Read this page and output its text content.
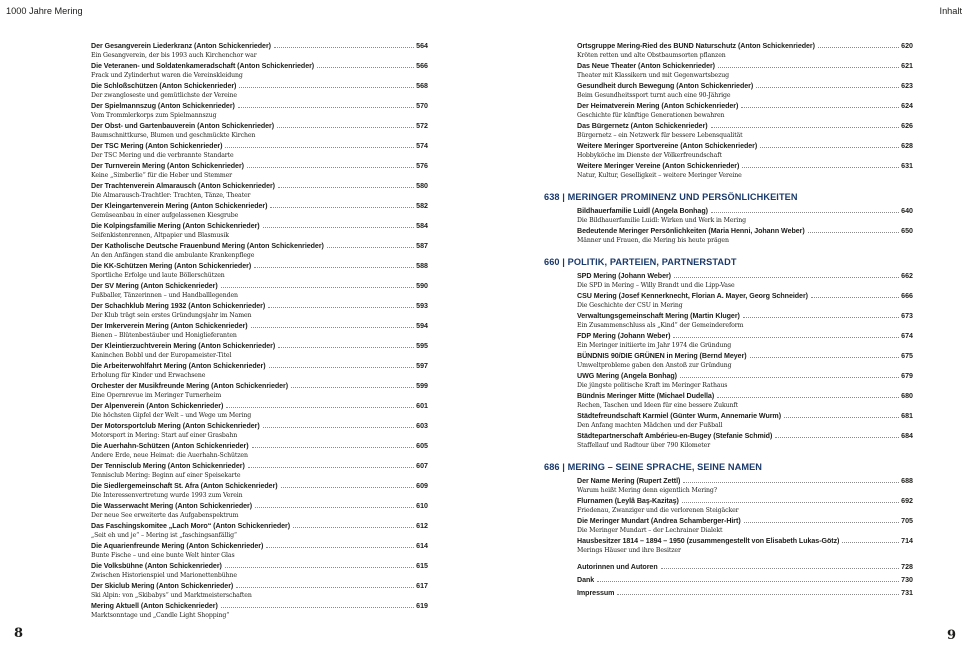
1000 Jahre Mering	Inhalt
Der Gesangverein Liederkranz (Anton Schickenrieder)	564
Ein Gesangverein, der bis 1993 auch Kirchenchor war
Die Veteranen- und Soldatenkameradschaft (Anton Schickenrieder)	566
Frack und Zylinderhut waren die Vereinskleidung
Die Schloßschützen (Anton Schickenrieder)	568
Der zwangloseste und gemütlichste der Vereine
Der Spielmannszug (Anton Schickenrieder)	570
Vom Trommlerkorps zum Spielmannszug
Der Obst- und Gartenbauverein (Anton Schickenrieder)	572
Baumschnittkurse, Blumen und geschmückte Kirchen
Der TSC Mering (Anton Schickenrieder)	574
Der TSC Mering und die verbrannte Standarte
Der Turnverein Mering (Anton Schickenrieder)	576
Keine „Simberlie“ für die Heber und Stemmer
Der Trachtenverein Almarausch (Anton Schickenrieder)	580
Die Almarausch-Trachtler: Trachten, Tänze, Theater
Der Kleingartenverein Mering (Anton Schickenrieder)	582
Gemüseanbau in einer aufgelassenen Kiesgrube
Die Kolpingsfamilie Mering (Anton Schickenrieder)	584
Seifenkistenrennen, Altpapier und Blasmusik
Der Katholische Deutsche Frauenbund Mering (Anton Schickenrieder)	587
An den Anfängen stand die ambulante Krankenpflege
Die KK-Schützen Mering (Anton Schickenrieder)	588
Sportliche Erfolge und laute Böllerschützen
Der SV Mering (Anton Schickenrieder)	590
Fußballer, Tänzerinnen – und Handballlegenden
Der Schachklub Mering 1932 (Anton Schickenrieder)	593
Der Klub trägt sein erstes Gründungsjahr im Namen
Der Imkerverein Mering (Anton Schickenrieder)	594
Bienen – Blütenbestäuber und Honiglieferanten
Der Kleintierzuchtverein Mering (Anton Schickenrieder)	595
Kaninchen Bobbl und der Europameister-Titel
Die Arbeiterwohlfahrt Mering (Anton Schickenrieder)	597
Erholung für Kinder und Erwachsene
Orchester der Musikfreunde Mering (Anton Schickenrieder)	599
Eine Opernrevue im Meringer Turnerheim
Der Alpenverein (Anton Schickenrieder)	601
Die höchsten Gipfel der Welt – und Wege um Mering
Der Motorsportclub Mering (Anton Schickenrieder)	603
Motorsport in Mering: Start auf einer Grasbahn
Die Auerhahn-Schützen (Anton Schickenrieder)	605
Andere Erde, neue Heimat: die Auerhahn-Schützen
Der Tennisclub Mering (Anton Schickenrieder)	607
Tennisclub Mering: Beginn auf einer Speisekarte
Die Siedlergemeinschaft St. Afra (Anton Schickenrieder)	609
Die Interessenvertretung wurde 1993 zum Verein
Die Wasserwacht Mering (Anton Schickenrieder)	610
Der neue See erweiterte das Aufgabenspektrum
Das Faschingskomitee „Lach Moro“ (Anton Schickenrieder)	612
„Seit eh und je“ – Mering ist „faschingsanfällig“
Die Aquarienfreunde Mering (Anton Schickenrieder)	614
Bunte Fische – und eine bunte Welt hinter Glas
Die Volksbühne (Anton Schickenrieder)	615
Zwischen Historienspiel und Marionettenbühne
Der Skiclub Mering (Anton Schickenrieder)	617
Ski Alpin: von „Skibabys“ und Marktmeisterschaften
Mering Aktuell (Anton Schickenrieder)	619
Marktsonntage und „Candle Light Shopping“
Ortsgruppe Mering-Ried des BUND Naturschutz (Anton Schickenrieder)	620
Kröten retten und alte Obstbaumsorten pflanzen
Das Neue Theater (Anton Schickenrieder)	621
Theater mit Klassikern und mit Gegenwartsbezug
Gesundheit durch Bewegung (Anton Schickenrieder)	623
Beim Gesundheitssport turnt auch eine 90-Jährige
Der Heimatverein Mering (Anton Schickenrieder)	624
Geschichte für künftige Generationen bewahren
Das Bürgernetz (Anton Schickenrieder)	626
Bürgernetz – ein Netzwerk für bessere Lebensqualität
Weitere Meringer Sportvereine (Anton Schickenrieder)	628
Hobbyköche im Dienste der Völkerfreundschaft
Weitere Meringer Vereine (Anton Schickenrieder)	631
Natur, Kultur, Geselligkeit – weitere Meringer Vereine
638 | MERINGER PROMINENZ UND PERSÖNLICHKEITEN
Bildhauerfamilie Luidl (Angela Bonhag)	640
Die Bildhauerfamilie Luidl: Wirken und Werk in Mering
Bedeutende Meringer Persönlichkeiten (Maria Henni, Johann Weber)	650
Männer und Frauen, die Mering bis heute prägen
660 | POLITIK, PARTEIEN, PARTNERSTADT
SPD Mering (Johann Weber)	662
Die SPD in Mering – Willy Brandt und die Lipp-Vase
CSU Mering (Josef Kennerknecht, Florian A. Mayer, Georg Schneider)	666
Die Geschichte der CSU in Mering
Verwaltungsgemeinschaft Mering (Martin Kluger)	673
Ein Zusammenschluss als „Kind“ der Gemeindereform
FDP Mering (Johann Weber)	674
Ein Meringer initiierte im Jahr 1974 die Gründung
BÜNDNIS 90/DIE GRÜNEN in Mering (Bernd Meyer)	675
Umweltprobleme gaben den Anstoß zur Gründung
UWG Mering (Angela Bonhag)	679
Die jüngste politische Kraft im Meringer Rathaus
Bündnis Meringer Mitte (Michael Dudella)	680
Rechen, Taschen und Ideen für eine bessere Zukunft
Städtefreundschaft Karmiel (Günter Wurm, Annemarie Wurm)	681
Den Anfang machten Mädchen und der Fußball
Städtepartnerschaft Ambérieu-en-Bugey (Stefanie Schmid)	684
Staffellauf und Radtour über 790 Kilometer
686 | MERING – SEINE SPRACHE, SEINE NAMEN
Der Name Mering (Rupert Zettl)	688
Warum heißt Mering denn eigentlich Mering?
Flurnamen (Leylâ Baş-Kazitaş)	692
Friedenau, Zwanziger und die verlorenen Steigäcker
Die Meringer Mundart (Andrea Schamberger-Hirt)	705
Die Meringer Mundart – der Lechrainer Dialekt
Hausbesitzer 1814 – 1894 – 1950 (zusammengestellt von Elisabeth Lukas-Götz)	714
Merings Häuser und ihre Besitzer
Autorinnen und Autoren	728
Dank	730
Impressum	731
8	9
